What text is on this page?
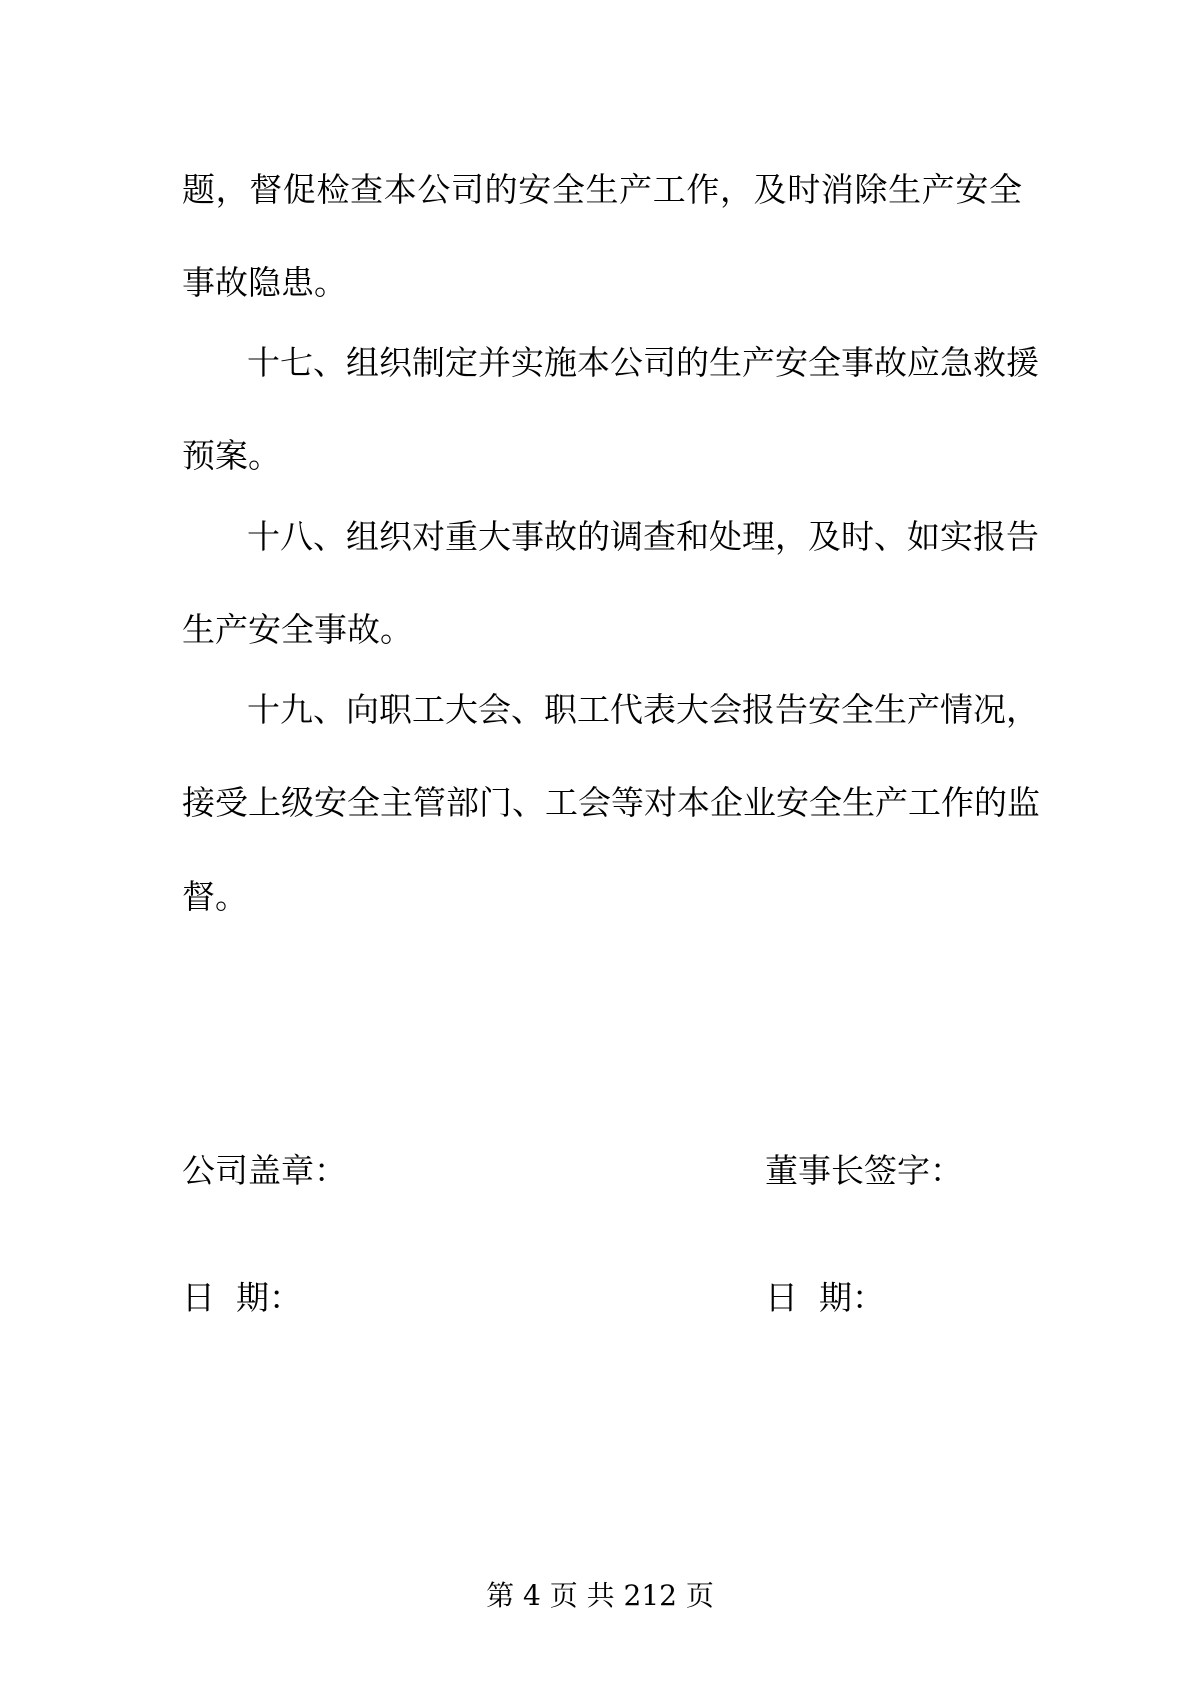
题，督促检查本公司的安全生产工作，及时消除生产安全
事故隐患。
十七、组织制定并实施本公司的生产安全事故应急救援
预案。
十八、组织对重大事故的调查和处理，及时、如实报告
生产安全事故。
十九、向职工大会、职工代表大会报告安全生产情况，
接受上级安全主管部门、工会等对本企业安全生产工作的监
督。
公司盖章：	董事长签字：
日  期：	日  期：
第 4 页 共 212 页
